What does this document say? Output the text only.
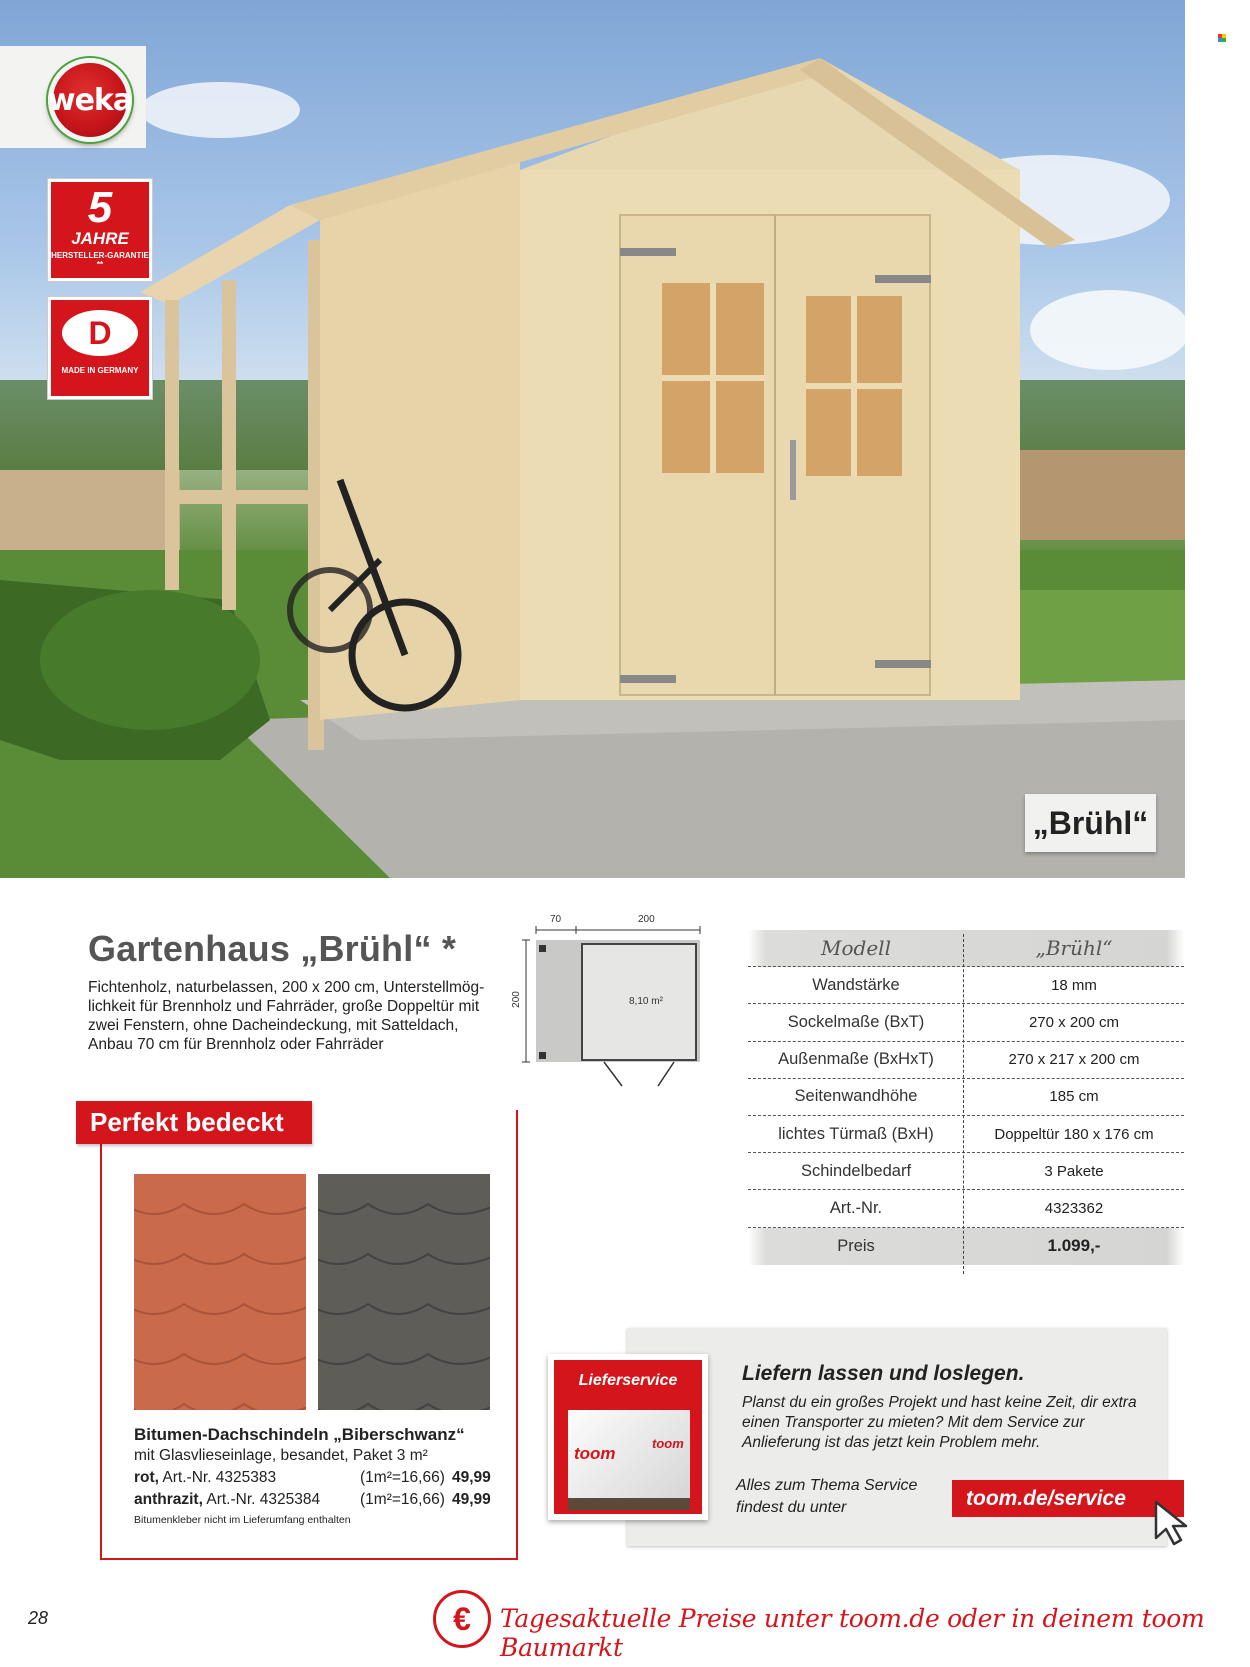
weka
5
JAHRE
HERSTELLER-GARANTIE **
D
MADE IN GERMANY
„Brühl“
Gartenhaus „Brühl“ *
Fichtenholz, naturbelassen, 200 x 200 cm, Unterstellmöglichkeit für Brennholz und Fahrräder, große Doppeltür mit zwei Fenstern, ohne Dacheindeckung, mit Satteldach, Anbau 70 cm für Brennholz oder Fahrräder
70	200
200	8,10 m²
Modell	„Brühl“
Wandstärke	18 mm
Sockelmaße (BxT)	270 x 200 cm
Außenmaße (BxHxT)	270 x 217 x 200 cm
Seitenwandhöhe	185 cm
lichtes Türmaß (BxH)	Doppeltür 180 x 176 cm
Schindelbedarf	3 Pakete
Art.-Nr.	4323362
Preis	1.099,-
Perfekt bedeckt
Bitumen-Dachschindeln „Biberschwanz“
mit Glasvlieseinlage, besandet, Paket 3 m²
rot, Art.-Nr. 4325383	(1m²=16,66) 49,99
anthrazit, Art.-Nr. 4325384	(1m²=16,66) 49,99
Bitumenkleber nicht im Lieferumfang enthalten
Lieferservice
toom
toom
Liefern lassen und loslegen.
Planst du ein großes Projekt und hast keine Zeit, dir extra einen Transporter zu mieten? Mit dem Service zur Anlieferung ist das jetzt kein Problem mehr.
Alles zum Thema Service findest du unter	toom.de/service
28	€	Tagesaktuelle Preise unter toom.de oder in deinem toom Baumarkt
